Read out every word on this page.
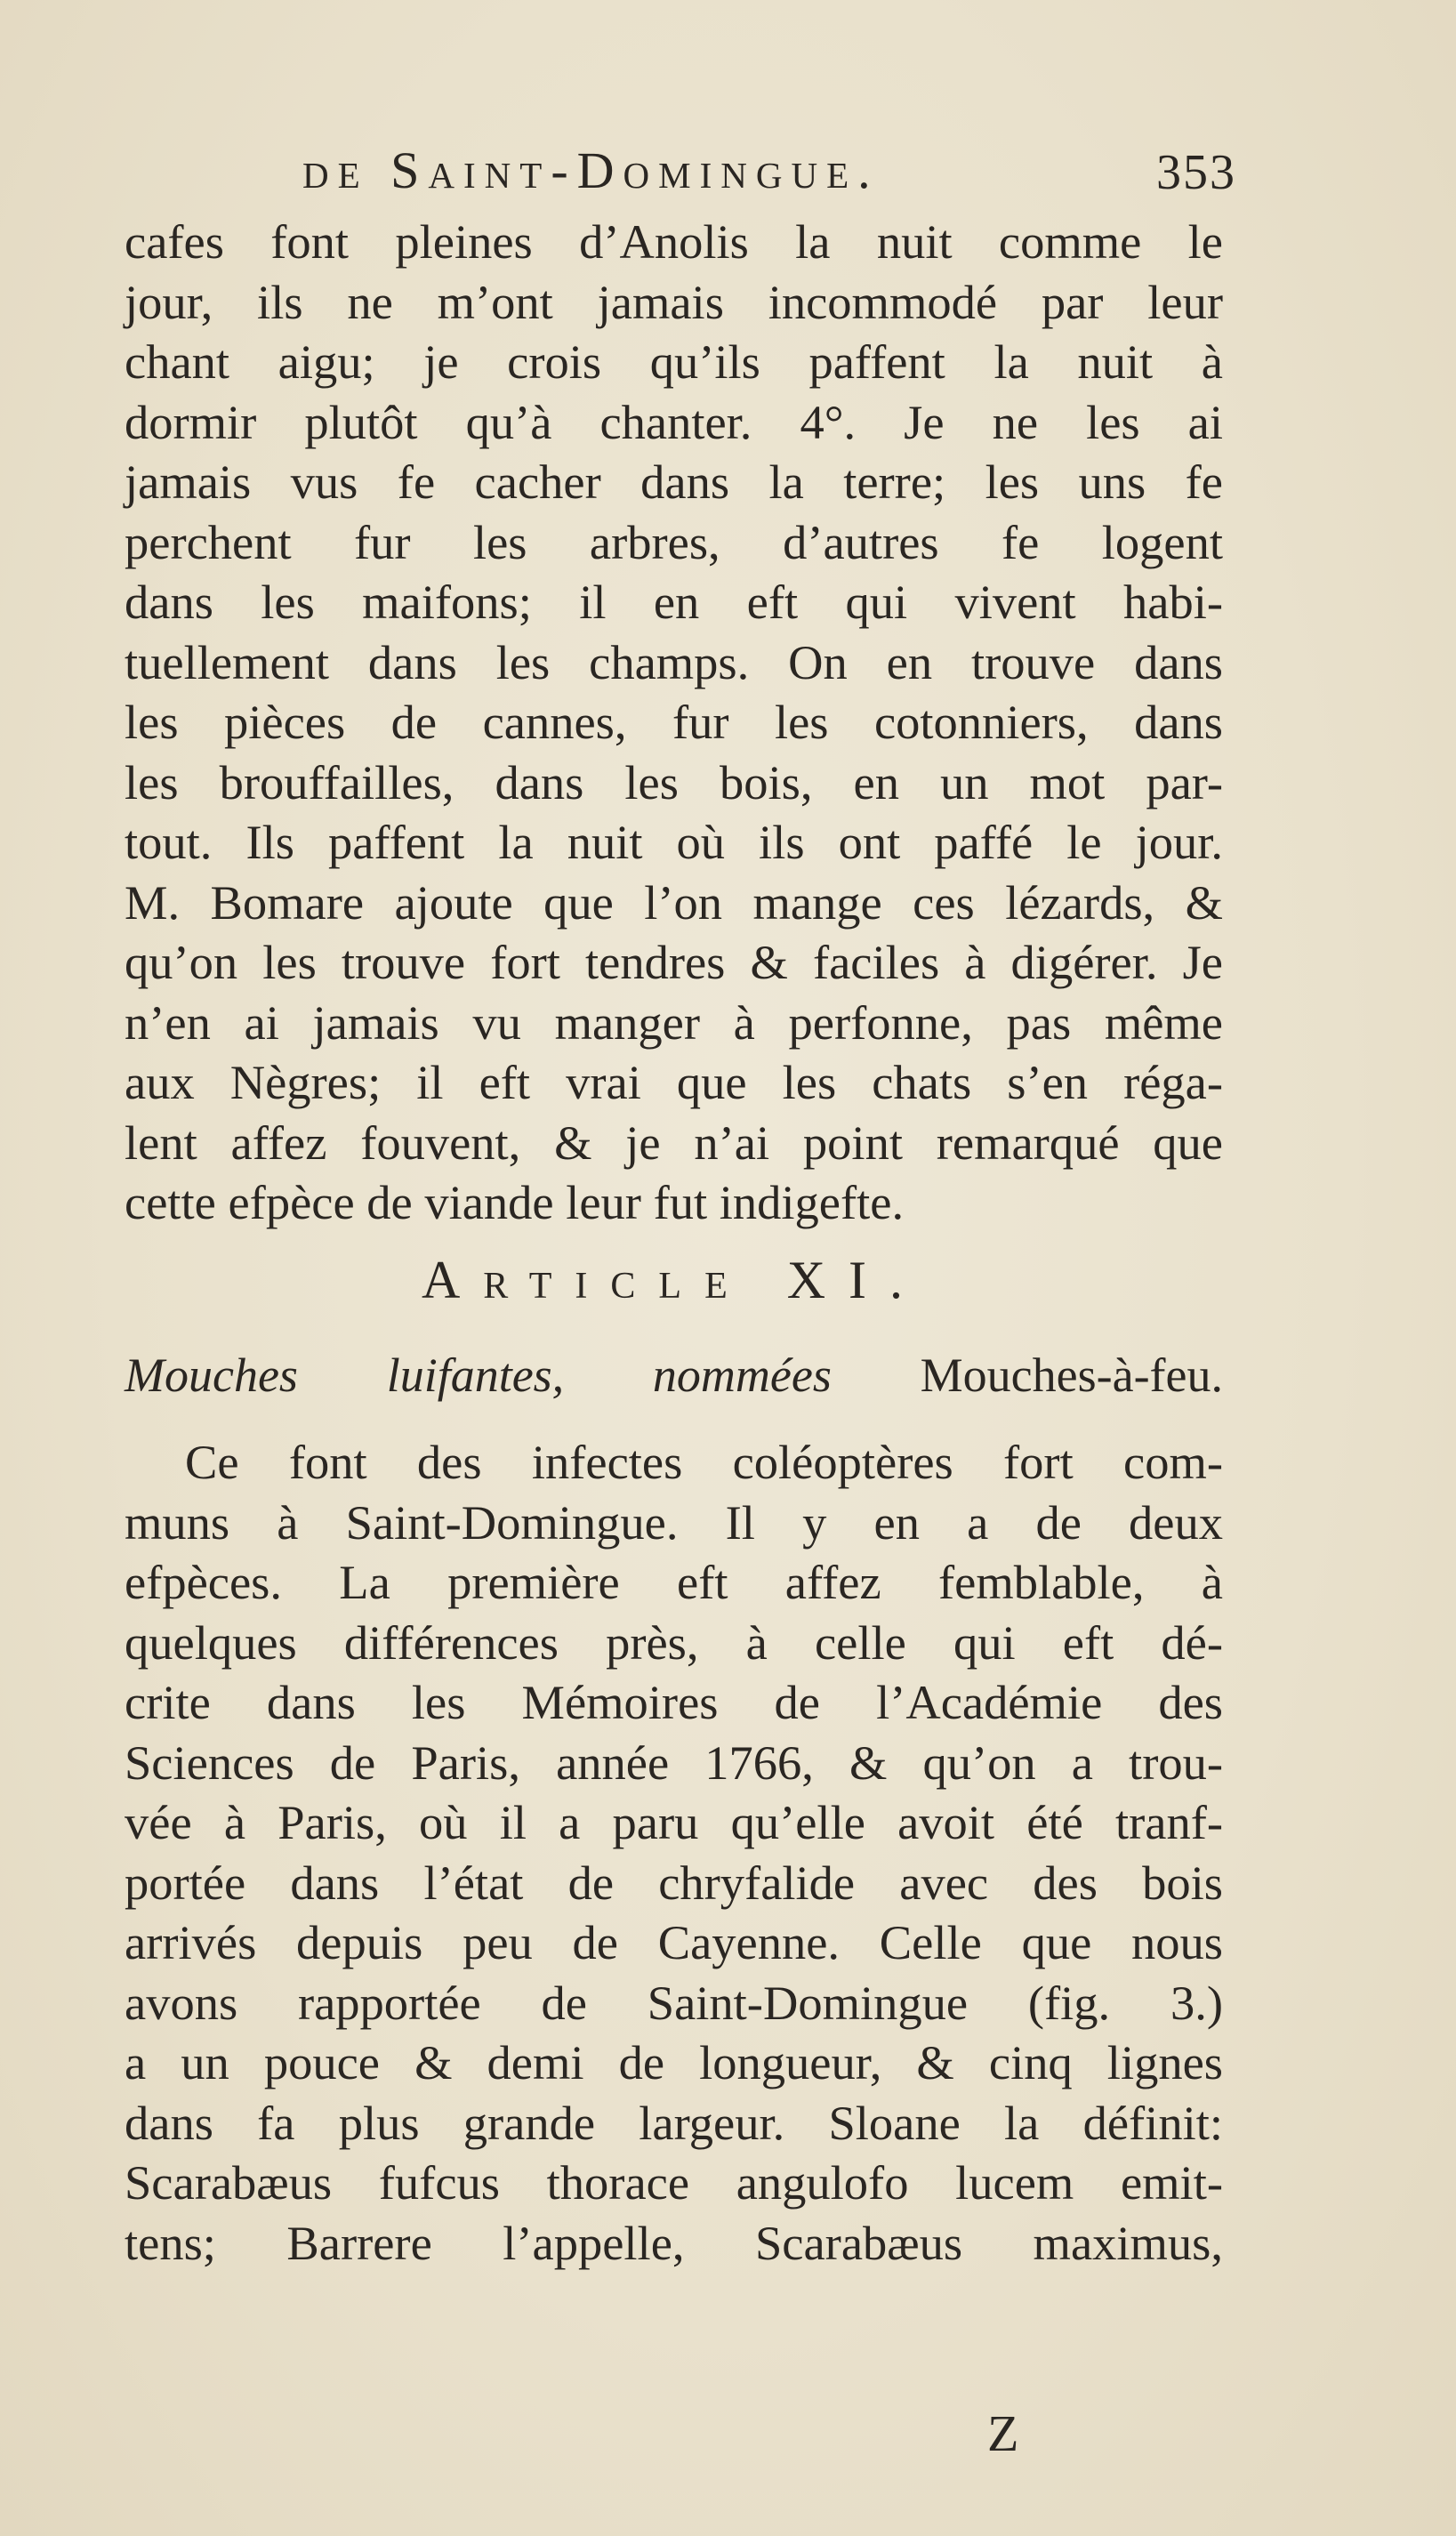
de Saint-Domingue.	353
cafes font pleines d’Anolis la nuit comme le
jour, ils ne m’ont jamais incommodé par leur
chant aigu; je crois qu’ils paffent la nuit à
dormir plutôt qu’à chanter. 4°. Je ne les ai
jamais vus fe cacher dans la terre; les uns fe
perchent fur les arbres, d’autres fe logent
dans les maifons; il en eft qui vivent habi-
tuellement dans les champs. On en trouve dans
les pièces de cannes, fur les cotonniers, dans
les brouffailles, dans les bois, en un mot par-
tout. Ils paffent la nuit où ils ont paffé le jour.
M. Bomare ajoute que l’on mange ces lézards, &
qu’on les trouve fort tendres & faciles à digérer. Je
n’en ai jamais vu manger à perfonne, pas même
aux Nègres; il eft vrai que les chats s’en réga-
lent affez fouvent, & je n’ai point remarqué que
cette efpèce de viande leur fut indigefte.
Article XI.
Mouches luifantes, nommées Mouches-à-feu.
Ce font des infectes coléoptères fort com-
muns à Saint-Domingue. Il y en a de deux
efpèces. La première eft affez femblable, à
quelques différences près, à celle qui eft dé-
crite dans les Mémoires de l’Académie des
Sciences de Paris, année 1766, & qu’on a trou-
vée à Paris, où il a paru qu’elle avoit été tranf-
portée dans l’état de chryfalide avec des bois
arrivés depuis peu de Cayenne. Celle que nous
avons rapportée de Saint-Domingue (fig. 3.)
a un pouce & demi de longueur, & cinq lignes
dans fa plus grande largeur. Sloane la définit:
Scarabæus fufcus thorace angulofo lucem emit-
tens; Barrere l’appelle, Scarabæus maximus,
Z
